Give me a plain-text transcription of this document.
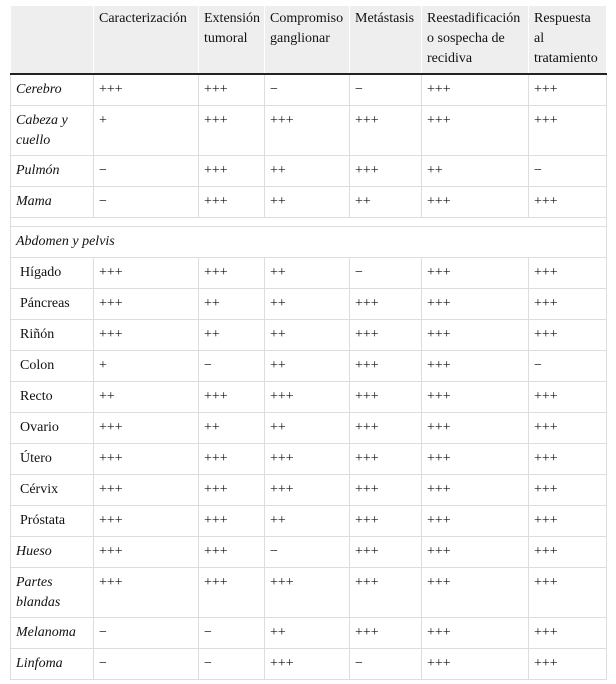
	Caracterización	Extensión tumoral	Compromiso ganglionar	Metástasis	Reestadificación o sospecha de recidiva	Respuesta al tratamiento
Cerebro	+++	+++	−	−	+++	+++
Cabeza y cuello	+	+++	+++	+++	+++	+++
Pulmón	−	+++	++	+++	++	−
Mama	−	+++	++	++	+++	+++

Abdomen y pelvis						
Hígado	+++	+++	++	−	+++	+++
Páncreas	+++	++	++	+++	+++	+++
Riñón	+++	++	++	+++	+++	+++
Colon	+	−	++	+++	+++	−
Recto	++	+++	+++	+++	+++	+++
Ovario	+++	++	++	+++	+++	+++
Útero	+++	+++	+++	+++	+++	+++
Cérvix	+++	+++	+++	+++	+++	+++
Próstata	+++	+++	++	+++	+++	+++
Hueso	+++	+++	−	+++	+++	+++
Partes blandas	+++	+++	+++	+++	+++	+++
Melanoma	−	−	++	+++	+++	+++
Linfoma	−	−	+++	−	+++	+++
